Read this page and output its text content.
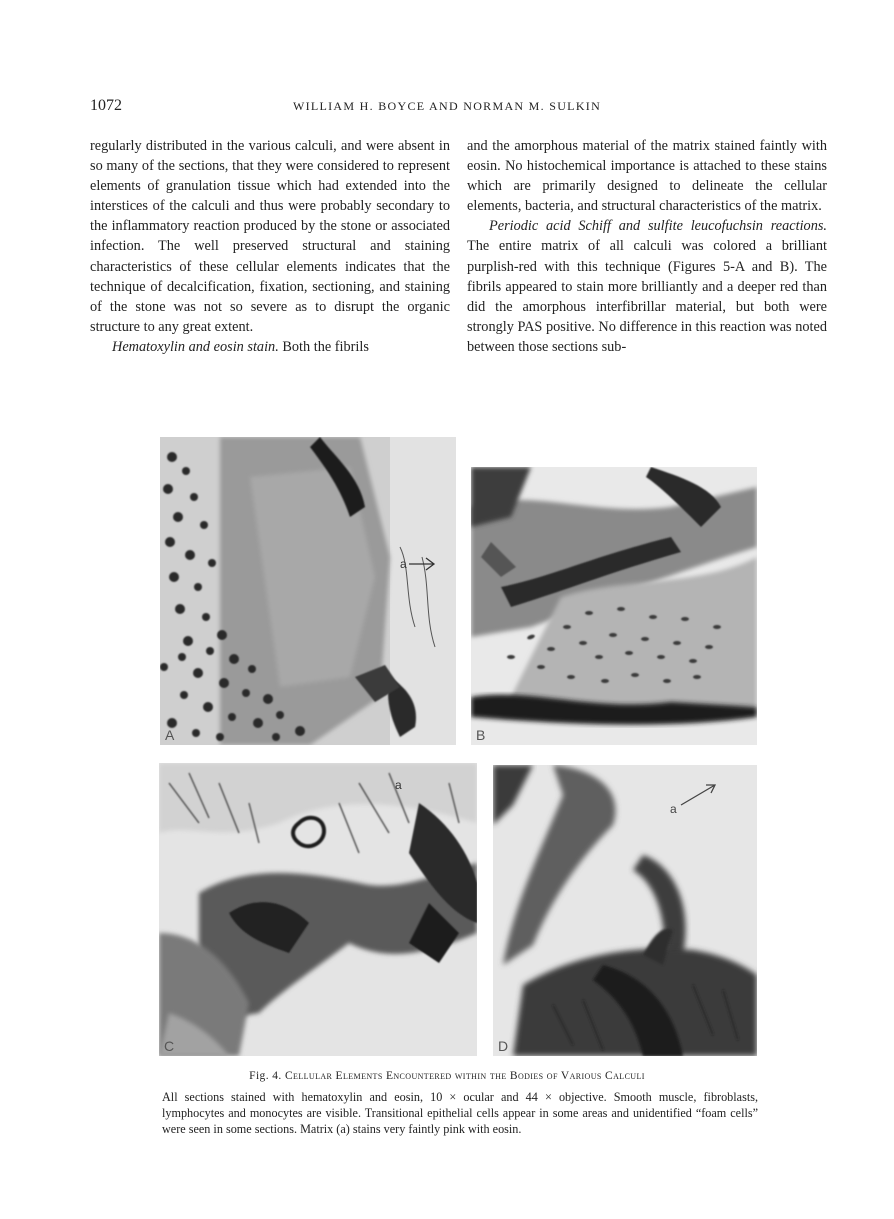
1072	WILLIAM H. BOYCE AND NORMAN M. SULKIN

regularly distributed in the various calculi, and were absent in so many of the sections, that they were considered to represent elements of granulation tissue which had extended into the interstices of the calculi and thus were probably secondary to the inflammatory reaction produced by the stone or associated infection. The well preserved structural and staining characteristics of these cellular elements indicates that the technique of decalcification, fixation, sectioning, and staining of the stone was not so severe as to disrupt the organic structure to any great extent.

Hematoxylin and eosin stain. Both the fibrils

and the amorphous material of the matrix stained faintly with eosin. No histochemical importance is attached to these stains which are primarily designed to delineate the cellular elements, bacteria, and structural characteristics of the matrix.

Periodic acid Schiff and sulfite leucofuchsin reactions. The entire matrix of all calculi was colored a brilliant purplish-red with this technique (Figures 5-A and B). The fibrils appeared to stain more brilliantly and a deeper red than did the amorphous interfibrillar material, but both were strongly PAS positive. No difference in this reaction was noted between those sections sub-

a
A	B
a
C
a
D
Fig. 4. Cellular Elements Encountered within the Bodies of Various Calculi
All sections stained with hematoxylin and eosin, 10 × ocular and 44 × objective. Smooth muscle, fibroblasts, lymphocytes and monocytes are visible. Transitional epithelial cells appear in some areas and unidentified “foam cells” were seen in some sections. Matrix (a) stains very faintly pink with eosin.
